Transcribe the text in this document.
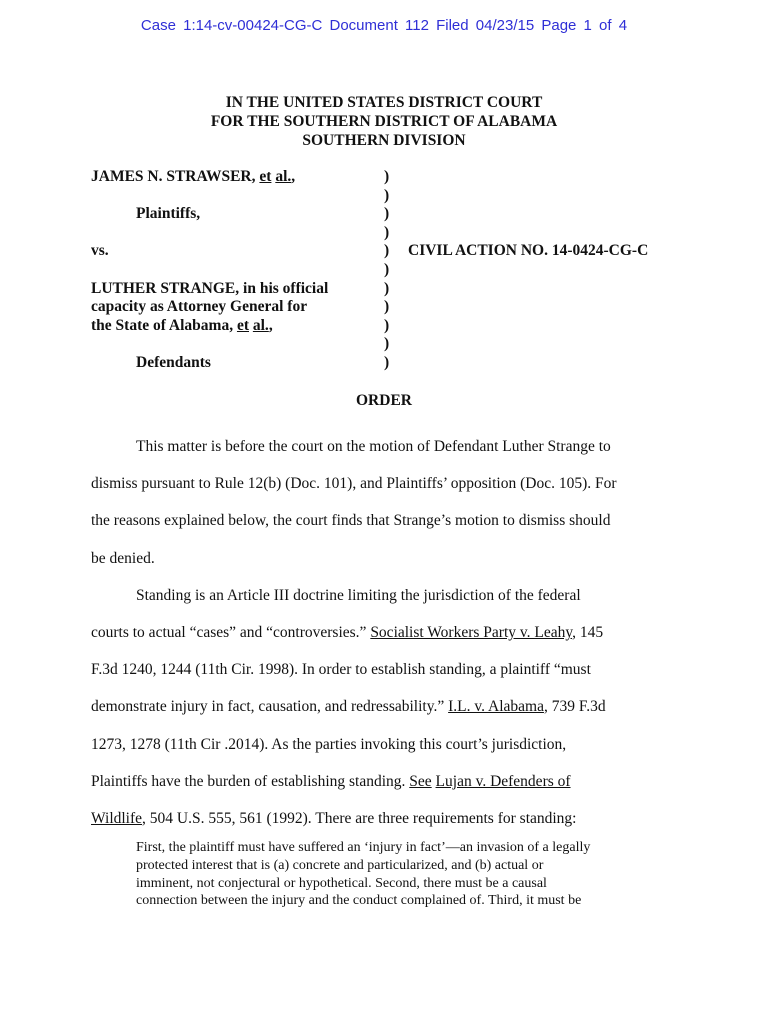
Case 1:14-cv-00424-CG-C Document 112 Filed 04/23/15 Page 1 of 4
IN THE UNITED STATES DISTRICT COURT
FOR THE SOUTHERN DISTRICT OF ALABAMA
SOUTHERN DIVISION
JAMES N. STRAWSER, et al.,
Plaintiffs,
vs.
LUTHER STRANGE, in his official
capacity as Attorney General for
the State of Alabama, et al.,
Defendants
)
)
)
)
)
)
)
)
)
)
)
CIVIL ACTION NO. 14-0424-CG-C
ORDER

This matter is before the court on the motion of Defendant Luther Strange to
dismiss pursuant to Rule 12(b) (Doc. 101), and Plaintiffs’ opposition (Doc. 105). For
the reasons explained below, the court finds that Strange’s motion to dismiss should
be denied.

Standing is an Article III doctrine limiting the jurisdiction of the federal
courts to actual “cases” and “controversies.” Socialist Workers Party v. Leahy, 145
F.3d 1240, 1244 (11th Cir. 1998). In order to establish standing, a plaintiff “must
demonstrate injury in fact, causation, and redressability.” I.L. v. Alabama, 739 F.3d
1273, 1278 (11th Cir .2014). As the parties invoking this court’s jurisdiction,
Plaintiffs have the burden of establishing standing. See Lujan v. Defenders of
Wildlife, 504 U.S. 555, 561 (1992). There are three requirements for standing:

First, the plaintiff must have suffered an ‘injury in fact’—an invasion of a legally
protected interest that is (a) concrete and particularized, and (b) actual or
imminent, not conjectural or hypothetical. Second, there must be a causal
connection between the injury and the conduct complained of. Third, it must be
